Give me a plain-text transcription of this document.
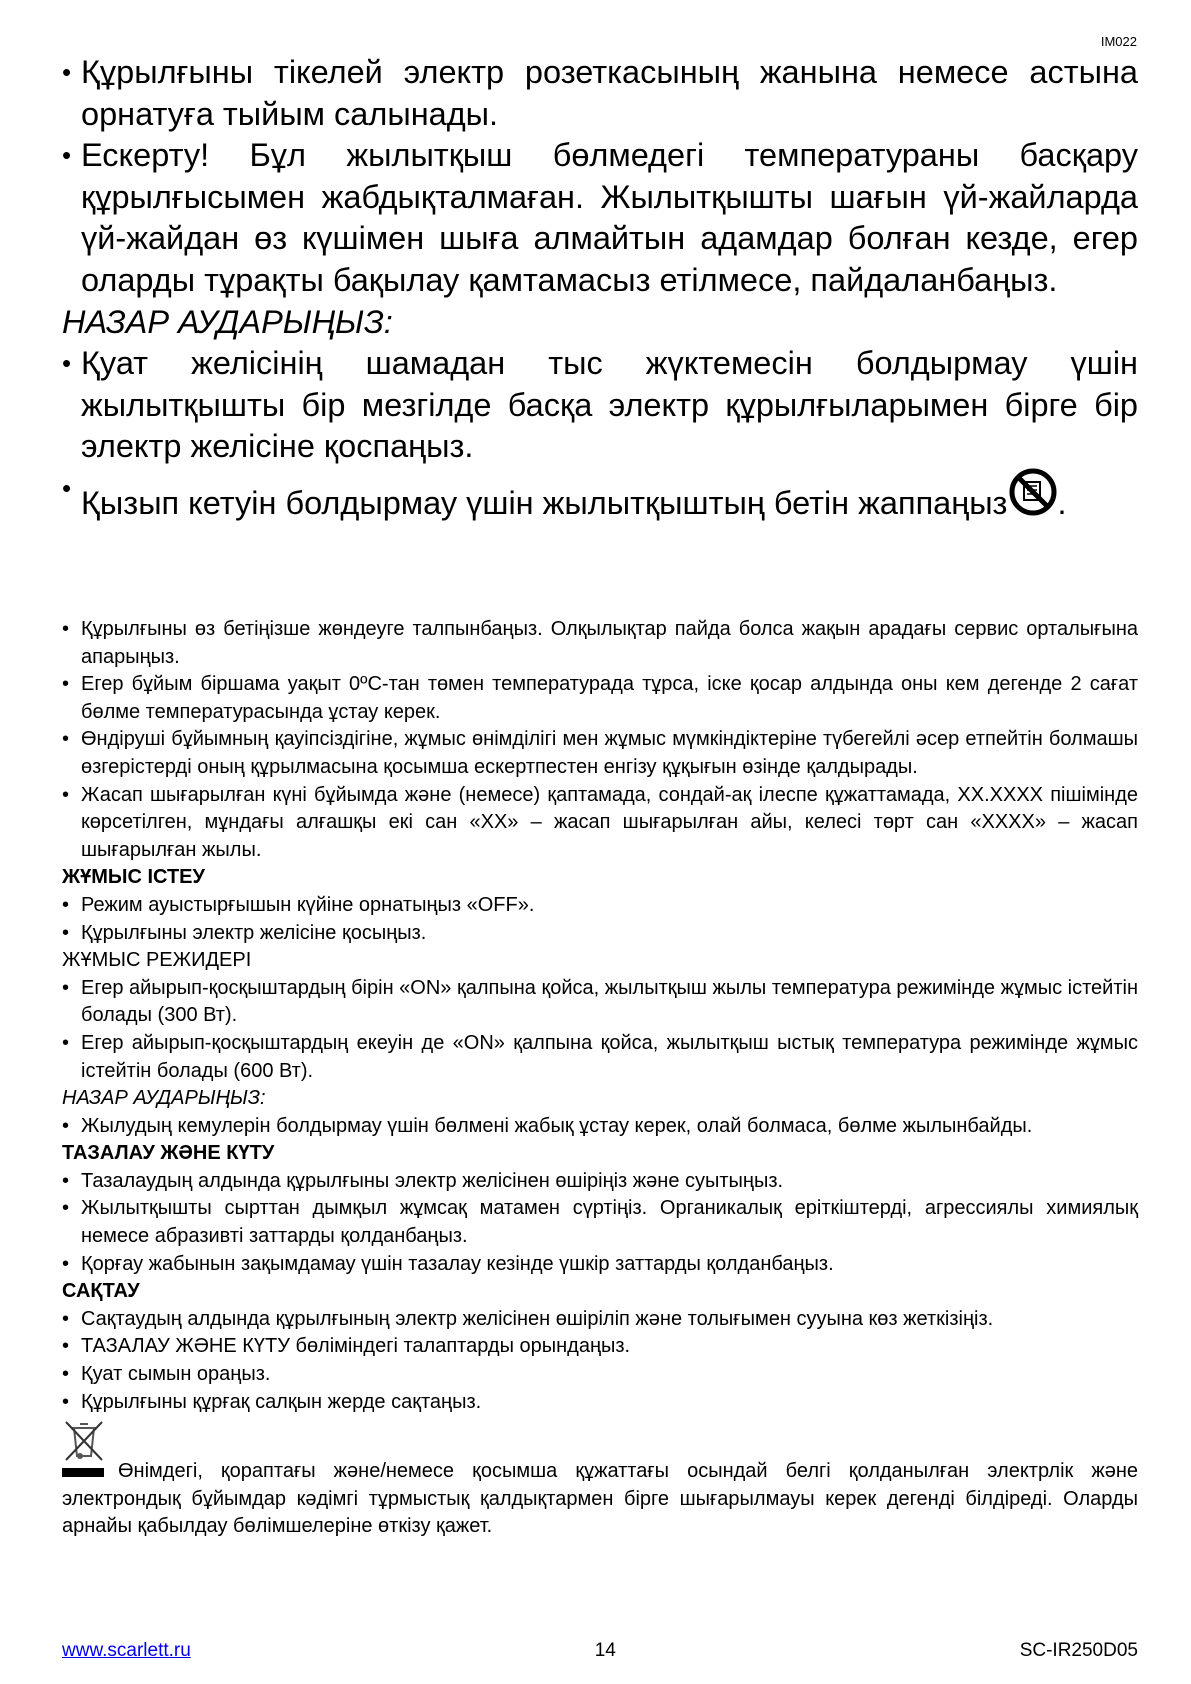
IM022
• Құрылғыны тікелей электр розеткасының жанына немесе астына орнатуға тыйым салынады.
• Ескерту! Бұл жылытқыш бөлмедегі температураны басқару құрылғысымен жабдықталмаған. Жылытқышты шағын үй-жайларда үй-жайдан өз күшімен шыға алмайтын адамдар болған кезде, егер оларды тұрақты бақылау қамтамасыз етілмесе, пайдаланбаңыз.
НАЗАР АУДАРЫҢЫЗ:
• Қуат желісінің шамадан тыс жүктемесін болдырмау үшін жылытқышты бір мезгілде басқа электр құрылғыларымен бірге бір электр желісіне қоспаңыз.
• Қызып кетуін болдырмау үшін жылытқыштың бетін жаппаңыз .
• Құрылғыны өз бетіңізше жөндеуге талпынбаңыз. Олқылықтар пайда болса жақын арадағы сервис орталығына апарыңыз.
• Егер бұйым біршама уақыт 0ºC-тан төмен температурада тұрса, іске қосар алдында оны кем дегенде 2 сағат бөлме температурасында ұстау керек.
• Өндіруші бұйымның қауіпсіздігіне, жұмыс өнімділігі мен жұмыс мүмкіндіктеріне түбегейлі әсер етпейтін болмашы өзгерістерді оның құрылмасына қосымша ескертпестен енгізу құқығын өзінде қалдырады.
• Жасап шығарылған күні бұйымда және (немесе) қаптамада, сондай-ақ ілеспе құжаттамада, XX.XXXX пішімінде көрсетілген, мұндағы алғашқы екі сан «XX» – жасап шығарылған айы, келесі төрт сан «XXXX» – жасап шығарылған жылы.
ЖҰМЫС ІСТЕУ
• Режим ауыстырғышын күйіне орнатыңыз «OFF».
• Құрылғыны электр желісіне қосыңыз.
ЖҰМЫС РЕЖИДЕРІ
• Егер айырып-қосқыштардың бірін «ON» қалпына қойса, жылытқыш жылы температура режимінде жұмыс істейтін болады (300 Вт).
• Егер айырып-қосқыштардың екеуін де «ON» қалпына қойса, жылытқыш ыстық температура режимінде жұмыс істейтін болады (600 Вт).
НАЗАР АУДАРЫҢЫЗ:
• Жылудың кемулерін болдырмау үшін бөлмені жабық ұстау керек, олай болмаса, бөлме жылынбайды.
ТАЗАЛАУ ЖӘНЕ КҮТУ
• Тазалаудың алдында құрылғыны электр желісінен өшіріңіз және суытыңыз.
• Жылытқышты сырттан дымқыл жұмсақ матамен сүртіңіз. Органикалық еріткіштерді, агрессиялы химиялық немесе абразивті заттарды қолданбаңыз.
• Қорғау жабынын зақымдамау үшін тазалау кезінде үшкір заттарды қолданбаңыз.
САҚТАУ
• Сақтаудың алдында құрылғының электр желісінен өшіріліп және толығымен сууына көз жеткізіңіз.
• ТАЗАЛАУ ЖӘНЕ КҮТУ бөліміндегі талаптарды орындаңыз.
• Қуат сымын ораңыз.
• Құрылғыны құрғақ салқын жерде сақтаңыз.
Өнімдегі, қораптағы және/немесе қосымша құжаттағы осындай белгі қолданылған электрлік және электрондық бұйымдар кәдімгі тұрмыстық қалдықтармен бірге шығарылмауы керек дегенді білдіреді. Оларды арнайы қабылдау бөлімшелеріне өткізу қажет.
www.scarlett.ru	14	SC-IR250D05
